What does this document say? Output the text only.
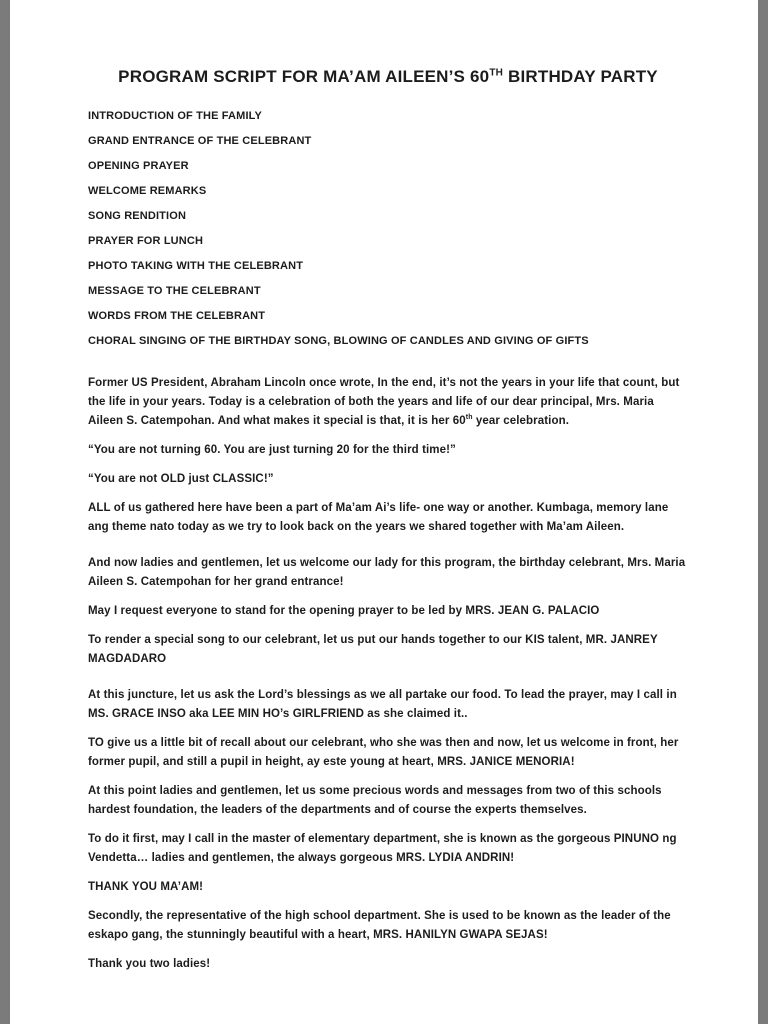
PROGRAM SCRIPT FOR MA’AM AILEEN’S 60TH BIRTHDAY PARTY

INTRODUCTION OF THE FAMILY

GRAND ENTRANCE OF THE CELEBRANT

OPENING PRAYER

WELCOME REMARKS

SONG RENDITION

PRAYER FOR LUNCH

PHOTO TAKING WITH THE CELEBRANT

MESSAGE TO THE CELEBRANT

WORDS FROM THE CELEBRANT

CHORAL SINGING OF THE BIRTHDAY SONG, BLOWING OF CANDLES AND GIVING OF GIFTS

Former US President, Abraham Lincoln once wrote, In the end, it’s not the years in your life that count, but the life in your years. Today is a celebration of both the years and life of our dear principal, Mrs. Maria Aileen S. Catempohan. And what makes it special is that, it is her 60th year celebration.

“You are not turning 60. You are just turning 20 for the third time!”

“You are not OLD just CLASSIC!”

ALL of us gathered here have been a part of Ma’am Ai’s life- one way or another. Kumbaga, memory lane ang theme nato today as we try to look back on the years we shared together with Ma’am Aileen.

And now ladies and gentlemen, let us welcome our lady for this program, the birthday celebrant, Mrs. Maria Aileen S. Catempohan for her grand entrance!

May I request everyone to stand for the opening prayer to be led by MRS. JEAN G. PALACIO

To render a special song to our celebrant, let us put our hands together to our KIS talent, MR. JANREY MAGDADARO

At this juncture, let us ask the Lord’s blessings as we all partake our food. To lead the prayer, may I call in MS. GRACE INSO aka LEE MIN HO’s GIRLFRIEND as she claimed it..

TO give us a little bit of recall about our celebrant, who she was then and now, let us welcome in front, her former pupil, and still a pupil in height, ay este young at heart, MRS. JANICE MENORIA!

At this point ladies and gentlemen, let us some precious words and messages from two of this schools hardest foundation, the leaders of the departments and of course the experts themselves.

To do it first, may I call in the master of elementary department, she is known as the gorgeous PINUNO ng Vendetta… ladies and gentlemen, the always gorgeous MRS. LYDIA ANDRIN!

THANK YOU MA’AM!

Secondly, the representative of the high school department. She is used to be known as the leader of the eskapo gang, the stunningly beautiful with a heart, MRS. HANILYN GWAPA SEJAS!

Thank you two ladies!
